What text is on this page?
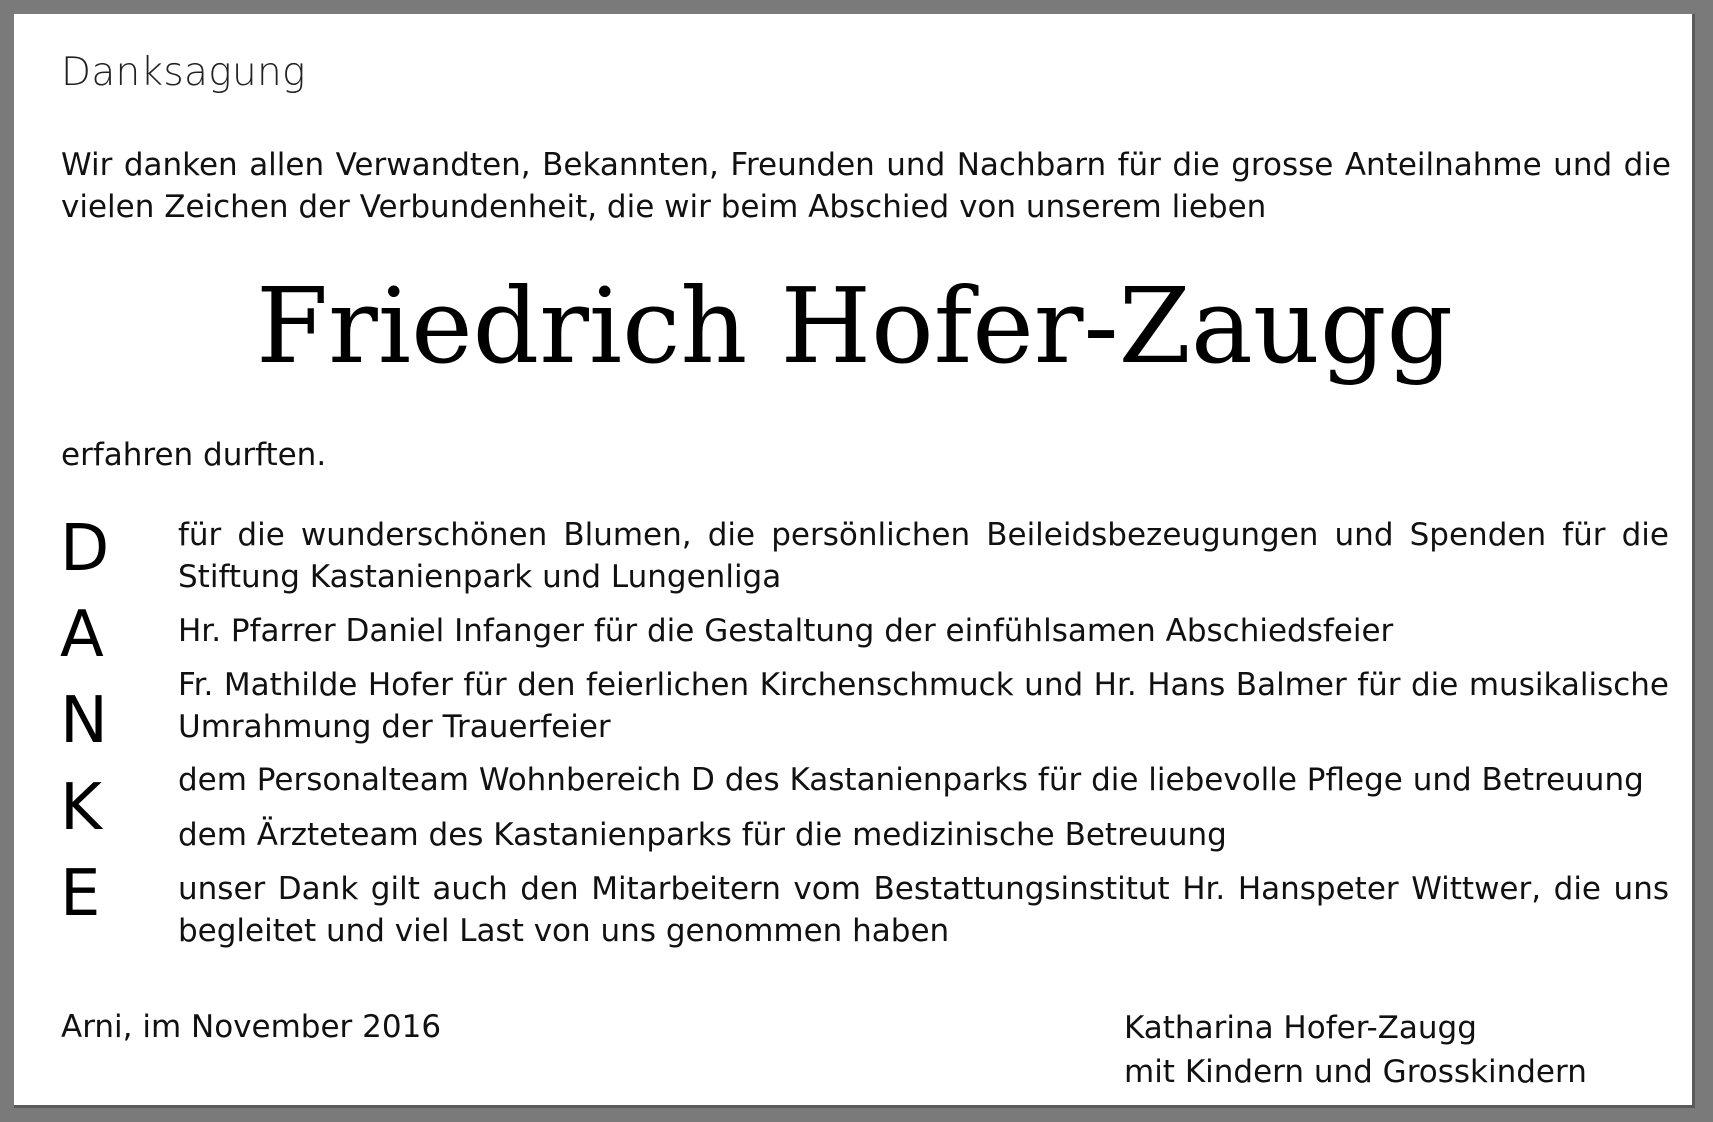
Danksagung
Wir danken allen Verwandten, Bekannten, Freunden und Nachbarn für die grosse Anteilnahme und die vielen Zeichen der Verbundenheit, die wir beim Abschied von unserem lieben
Friedrich Hofer-Zaugg
erfahren durften.
D
A
N
K
E
für die wunderschönen Blumen, die persönlichen Beileidsbezeugungen und Spenden für die Stiftung Kastanienpark und Lungenliga
Hr. Pfarrer Daniel Infanger für die Gestaltung der einfühlsamen Abschiedsfeier
Fr. Mathilde Hofer für den feierlichen Kirchenschmuck und Hr. Hans Balmer für die musikalische Umrahmung der Trauerfeier
dem Personalteam Wohnbereich D des Kastanienparks für die liebevolle Pflege und Betreuung
dem Ärzteteam des Kastanienparks für die medizinische Betreuung
unser Dank gilt auch den Mitarbeitern vom Bestattungsinstitut Hr. Hanspeter Wittwer, die uns begleitet und viel Last von uns genommen haben
Arni, im November 2016	Katharina Hofer-Zaugg
mit Kindern und Grosskindern
